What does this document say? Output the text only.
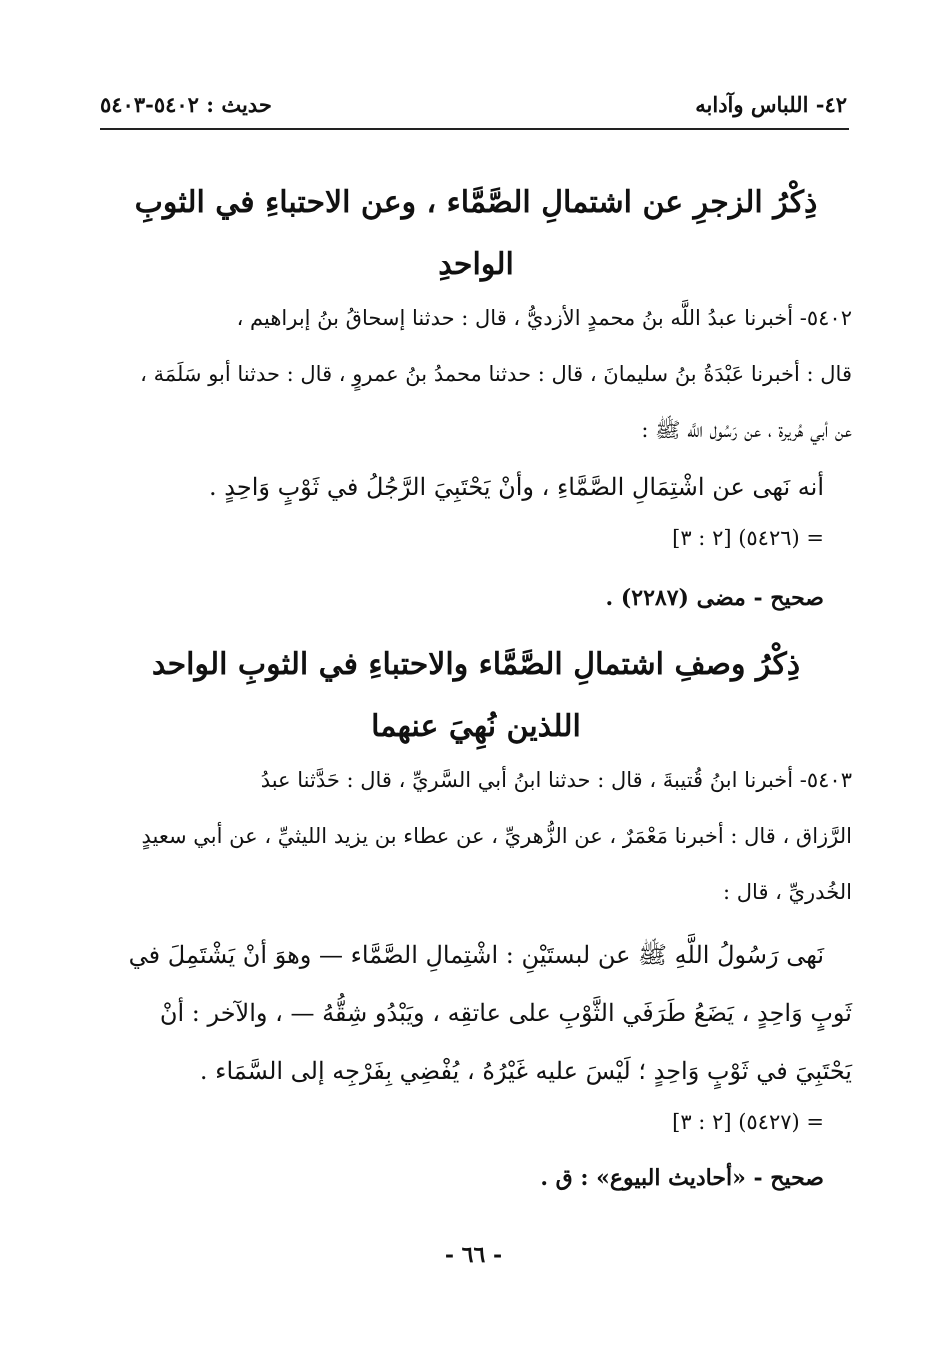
٤٢- اللباس وآدابه
حديث : ٥٤٠٢-٥٤٠٣
ذِكْرُ الزجرِ عن اشتمالِ الصَّمَّاء ، وعن الاحتباءِ في الثوبِ
الواحدِ
٥٤٠٢- أخبرنا عبدُ اللَّه بنُ محمدٍ الأزديُّ ، قال : حدثنا إسحاقُ بنُ إبراهيم ،
قال : أخبرنا عَبْدَةُ بنُ سليمانَ ، قال : حدثنا محمدُ بنُ عمروٍ ، قال : حدثنا أبو سَلَمَة ،
عن أبي هُريرة ، عن رَسُول اللَّه ﷺ :
أنه نَهى عن اشْتِمَالِ الصَّمَّاءِ ، وأنْ يَحْتَبِيَ الرَّجُلُ في ثَوْبٍ وَاحِدٍ .
= (٥٤٢٦) [٢ : ٣]
صحيح - مضى (٢٢٨٧) .
ذِكْرُ وصفِ اشتمالِ الصَّمَّاء والاحتباءِ في الثوبِ الواحد
اللذين نُهِيَ عنهما
٥٤٠٣- أخبرنا ابنُ قُتيبةَ ، قال : حدثنا ابنُ أبي السَّريِّ ، قال : حَدَّثنا عبدُ
الرَّزاق ، قال : أخبرنا مَعْمَرٌ ، عن الزُّهريِّ ، عن عطاء بن يزيد الليثيِّ ، عن أبي سعيدٍ
الخُدريِّ ، قال :
نَهى رَسُولُ اللَّهِ ﷺ عن لبستَيْنِ : اشْتِمالِ الصَّمَّاء — وهوَ أنْ يَشْتَمِلَ في
ثَوبٍ وَاحِدٍ ، يَضَعُ طَرَفَي الثَّوْبِ على عاتقِه ، ويَبْدُو شِقُّهُ — ، والآخر : أنْ
يَحْتَبِيَ في ثَوْبٍ وَاحِدٍ ؛ لَيْسَ عليه غَيْرُهُ ، يُفْضِي بِفَرْجِه إلى السَّمَاء .
= (٥٤٢٧) [٢ : ٣]
صحيح - «أحاديث البيوع» : ق .
- ٦٦ -
